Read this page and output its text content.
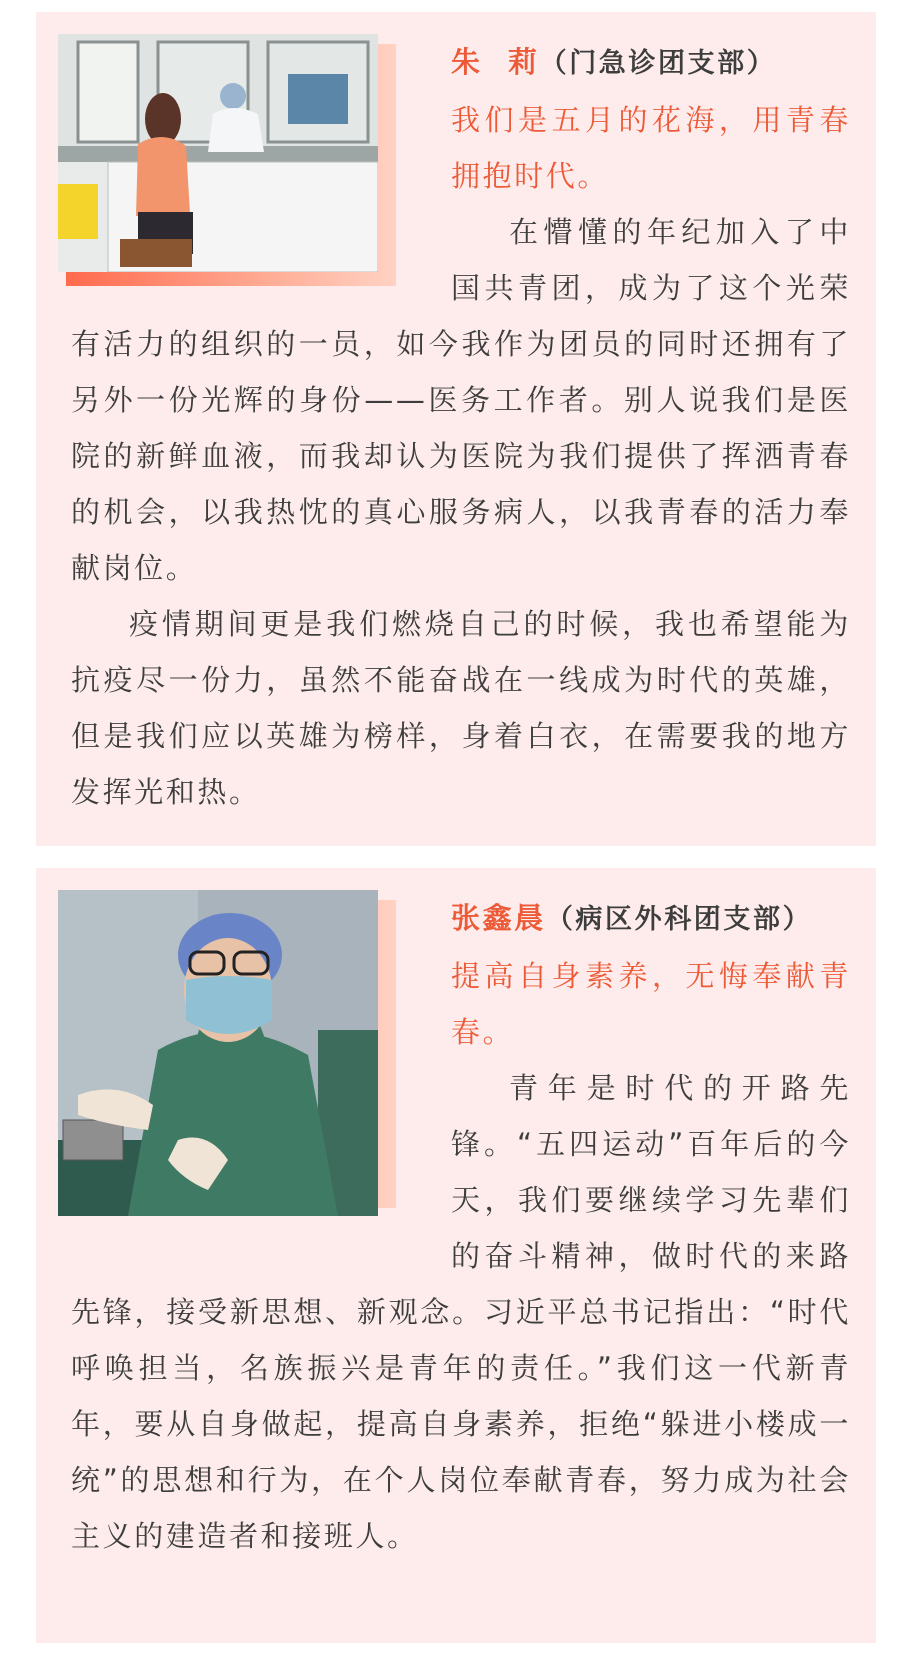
朱  莉（门急诊团支部）

我们是五月的花海，用青春拥抱时代。

在懵懂的年纪加入了中国共青团，成为了这个光荣有活力的组织的一员，如今我作为团员的同时还拥有了另外一份光辉的身份——医务工作者。别人说我们是医院的新鲜血液，而我却认为医院为我们提供了挥洒青春的机会，以我热忱的真心服务病人，以我青春的活力奉献岗位。

疫情期间更是我们燃烧自己的时候，我也希望能为抗疫尽一份力，虽然不能奋战在一线成为时代的英雄，但是我们应以英雄为榜样，身着白衣，在需要我的地方发挥光和热。

张鑫晨（病区外科团支部）

提高自身素养，无悔奉献青春。

青年是时代的开路先锋。“五四运动”百年后的今天，我们要继续学习先辈们的奋斗精神，做时代的来路先锋，接受新思想、新观念。习近平总书记指出：“时代呼唤担当，名族振兴是青年的责任。”我们这一代新青年，要从自身做起，提高自身素养，拒绝“躲进小楼成一统”的思想和行为，在个人岗位奉献青春，努力成为社会主义的建造者和接班人。
